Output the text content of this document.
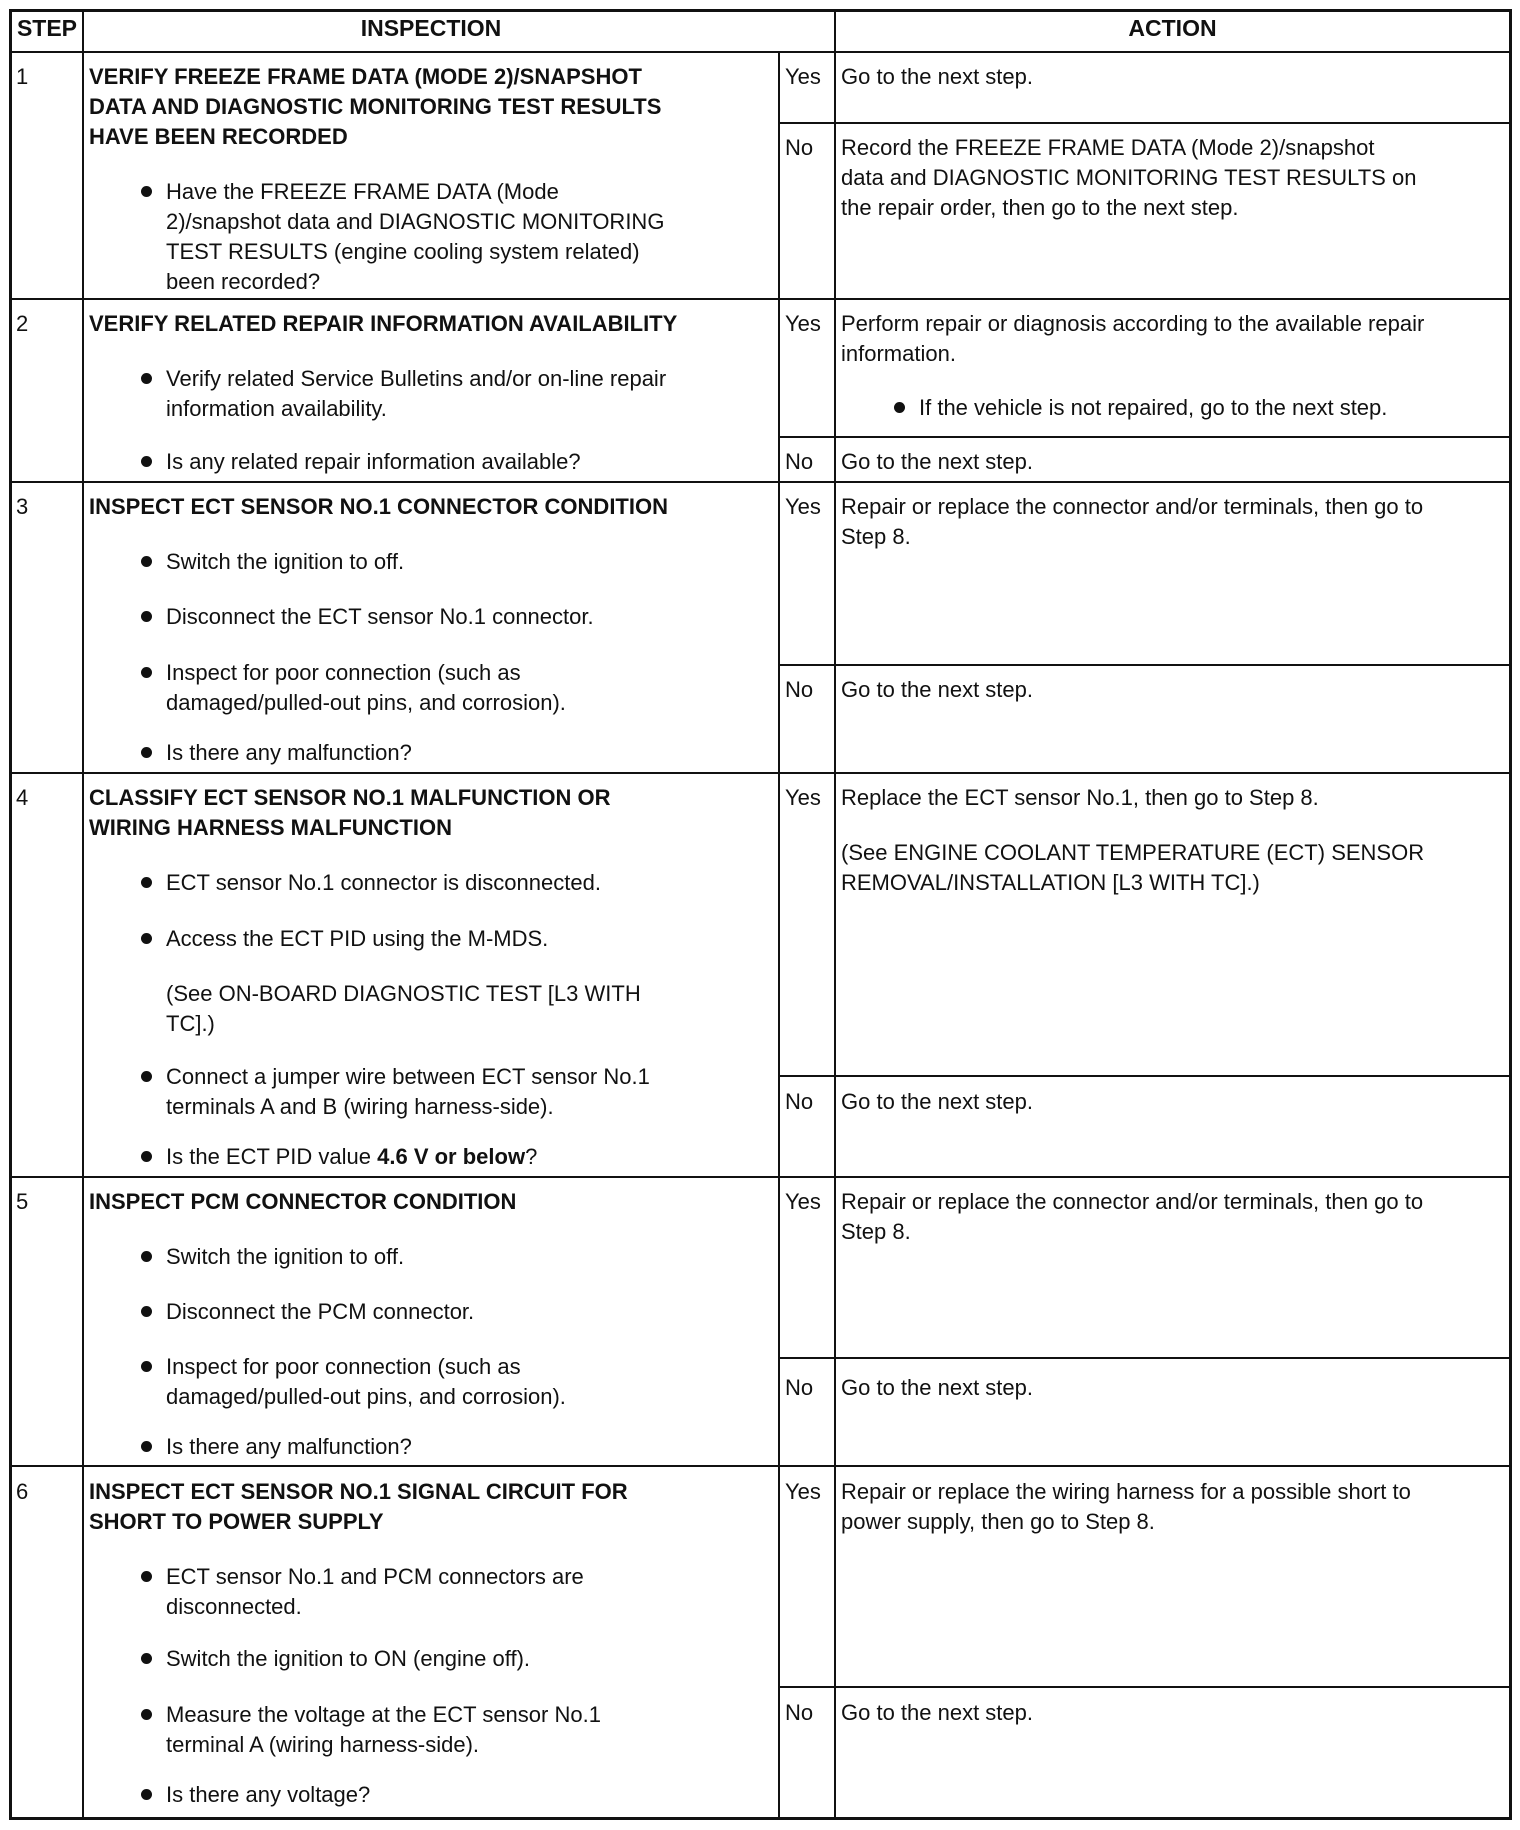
STEP	INSPECTION	ACTION
1	VERIFY FREEZE FRAME DATA (MODE 2)/SNAPSHOT
DATA AND DIAGNOSTIC MONITORING TEST RESULTS
HAVE BEEN RECORDED
Have the FREEZE FRAME DATA (Mode
2)/snapshot data and DIAGNOSTIC MONITORING
TEST RESULTS (engine cooling system related)
been recorded?
Yes Go to the next step.
No Record the FREEZE FRAME DATA (Mode 2)/snapshot
data and DIAGNOSTIC MONITORING TEST RESULTS on
the repair order, then go to the next step.
2	VERIFY RELATED REPAIR INFORMATION AVAILABILITY
Verify related Service Bulletins and/or on-line repair
information availability.
Is any related repair information available?
Yes Perform repair or diagnosis according to the available repair
information.
If the vehicle is not repaired, go to the next step.
No Go to the next step.
3	INSPECT ECT SENSOR NO.1 CONNECTOR CONDITION
Switch the ignition to off.
Disconnect the ECT sensor No.1 connector.
Inspect for poor connection (such as
damaged/pulled-out pins, and corrosion).
Is there any malfunction?
Yes Repair or replace the connector and/or terminals, then go to
Step 8.
No Go to the next step.
4	CLASSIFY ECT SENSOR NO.1 MALFUNCTION OR
WIRING HARNESS MALFUNCTION
ECT sensor No.1 connector is disconnected.
Access the ECT PID using the M-MDS.
(See ON-BOARD DIAGNOSTIC TEST [L3 WITH
TC].)
Connect a jumper wire between ECT sensor No.1
terminals A and B (wiring harness-side).
Is the ECT PID value 4.6 V or below?
Yes Replace the ECT sensor No.1, then go to Step 8.
(See ENGINE COOLANT TEMPERATURE (ECT) SENSOR
REMOVAL/INSTALLATION [L3 WITH TC].)
No Go to the next step.
5	INSPECT PCM CONNECTOR CONDITION
Switch the ignition to off.
Disconnect the PCM connector.
Inspect for poor connection (such as
damaged/pulled-out pins, and corrosion).
Is there any malfunction?
Yes Repair or replace the connector and/or terminals, then go to
Step 8.
No Go to the next step.
6	INSPECT ECT SENSOR NO.1 SIGNAL CIRCUIT FOR
SHORT TO POWER SUPPLY
ECT sensor No.1 and PCM connectors are
disconnected.
Switch the ignition to ON (engine off).
Measure the voltage at the ECT sensor No.1
terminal A (wiring harness-side).
Is there any voltage?
Yes Repair or replace the wiring harness for a possible short to
power supply, then go to Step 8.
No Go to the next step.
